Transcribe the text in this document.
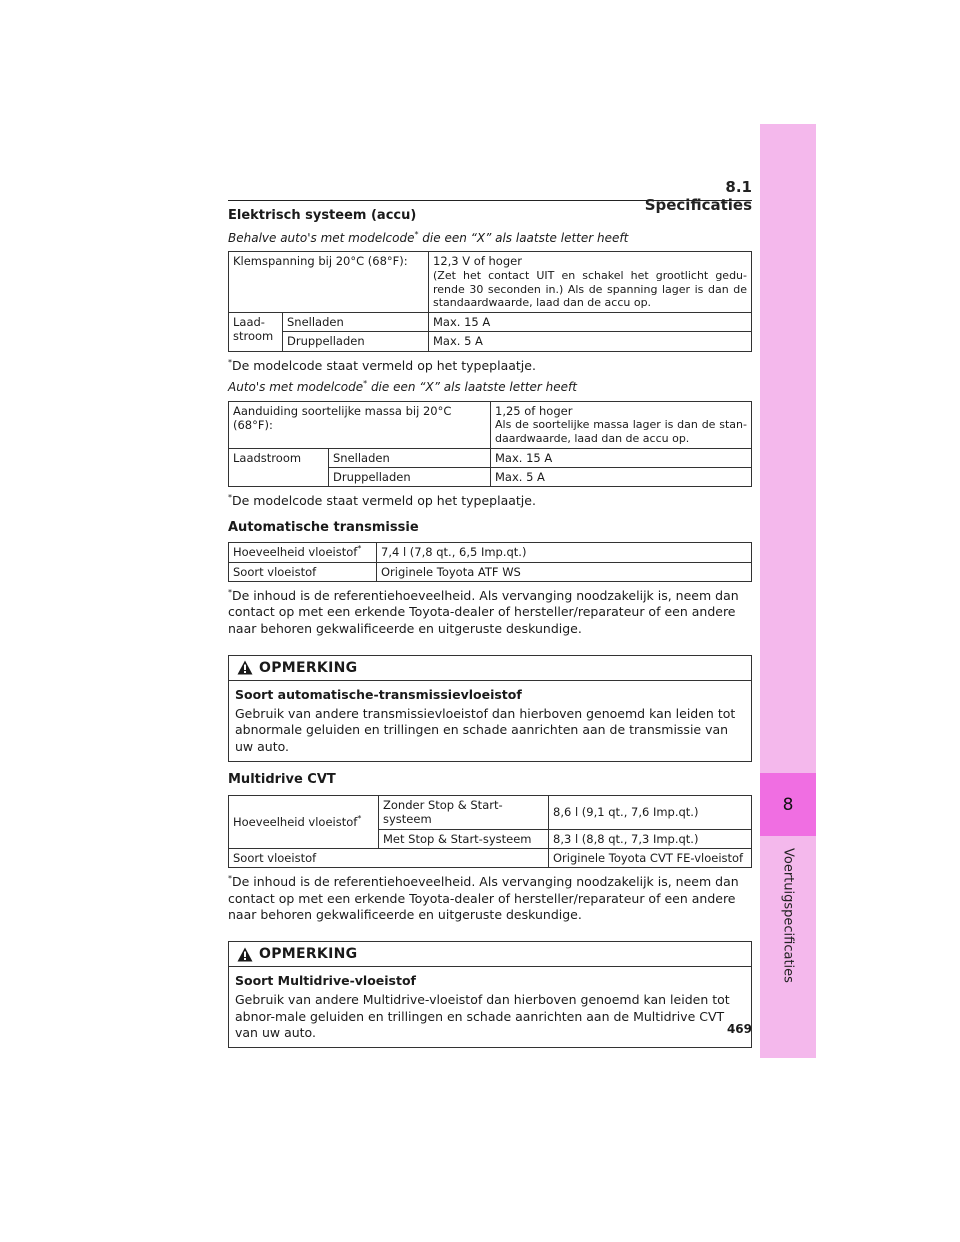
8
Voertuigspecificaties
8.1 Specificaties
Elektrisch systeem (accu)
Behalve auto's met modelcode* die een “X” als laatste letter heeft
Klemspanning bij 20°C (68°F):		12,3 V of hoger
(Zet het contact UIT en schakel het grootlicht gedu-rende 30 seconden in.) Als de spanning lager is dan de standaardwaarde, laad dan de accu op.

Laad-stroom	Snelladen	Max. 15 A
	Druppelladen	Max. 5 A
*De modelcode staat vermeld op het typeplaatje.
Auto's met modelcode* die een “X” als laatste letter heeft
Aanduiding soortelijke massa bij 20°C (68°F):		1,25 of hoger
Als de soortelijke massa lager is dan de stan-daardwaarde, laad dan de accu op.

Laadstroom	Snelladen	Max. 15 A
	Druppelladen	Max. 5 A
*De modelcode staat vermeld op het typeplaatje.
Automatische transmissie
Hoeveelheid vloeistof*	7,4 l (7,8 qt., 6,5 Imp.qt.)
Soort vloeistof	Originele Toyota ATF WS
*De inhoud is de referentiehoeveelheid. Als vervanging noodzakelijk is, neem dan contact op met een erkende Toyota-dealer of hersteller/reparateur of een andere naar behoren gekwalificeerde en uitgeruste deskundige.
OPMERKING

Soort automatische-transmissievloeistof

Gebruik van andere transmissievloeistof dan hierboven genoemd kan leiden tot abnormale geluiden en trillingen en schade aanrichten aan de transmissie van uw auto.

Multidrive CVT
Hoeveelheid vloeistof*	Zonder Stop & Start-systeem	8,6 l (9,1 qt., 7,6 Imp.qt.)
	Met Stop & Start-systeem	8,3 l (8,8 qt., 7,3 Imp.qt.)
Soort vloeistof		Originele Toyota CVT FE-vloeistof
*De inhoud is de referentiehoeveelheid. Als vervanging noodzakelijk is, neem dan contact op met een erkende Toyota-dealer of hersteller/reparateur of een andere naar behoren gekwalificeerde en uitgeruste deskundige.
OPMERKING

Soort Multidrive-vloeistof

Gebruik van andere Multidrive-vloeistof dan hierboven genoemd kan leiden tot abnor-male geluiden en trillingen en schade aanrichten aan de Multidrive CVT van uw auto.	469
